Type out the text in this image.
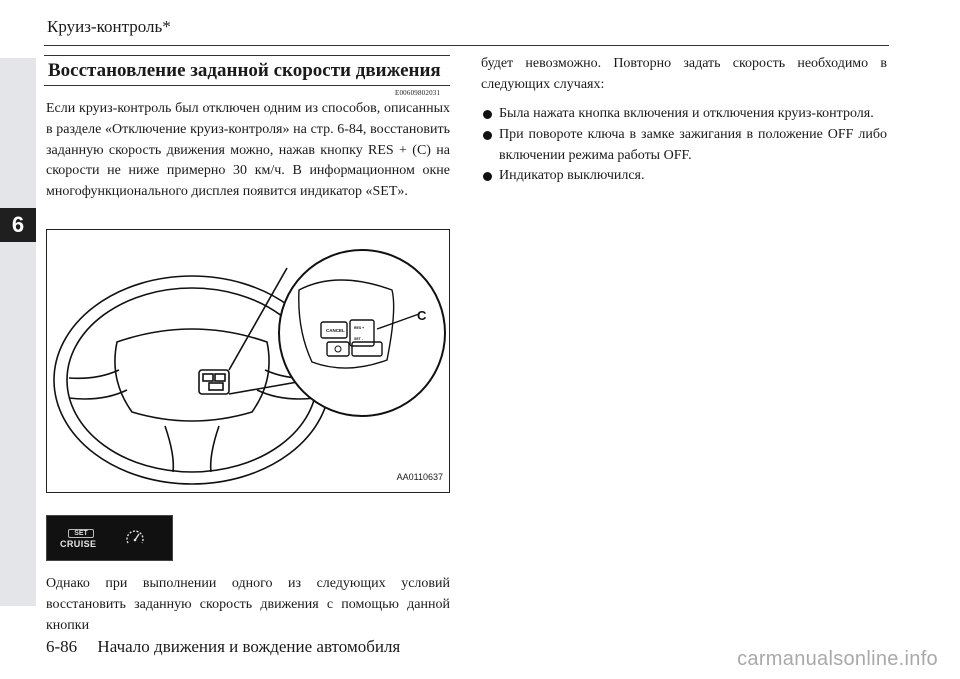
6
Круиз-контроль*
Восстановление заданной скорости движения
E00609802031

Если круиз-контроль был отключен одним из способов, описанных в разделе «Отключение круиз-контроля» на стр. 6-84, восстановить заданную скорость движения можно, нажав кнопку RES + (C) на скорости не ниже примерно 30 км/ч. В информационном окне многофункционального дисплея появится индикатор «SET».

CANCEL	RES +
SET -
C
AA0110637
SET
CRUISE

Однако при выполнении одного из следующих условий восстановить заданную скорость движения с помощью данной кнопки

будет невозможно. Повторно задать скорость необходимо в следующих случаях:

Была нажата кнопка включения и отключения круиз-контроля.
При повороте ключа в замке зажигания в положение OFF либо включении режима работы OFF.
Индикатор выключился.
6-86 Начало движения и вождение автомобиля
carmanualsonline.info
